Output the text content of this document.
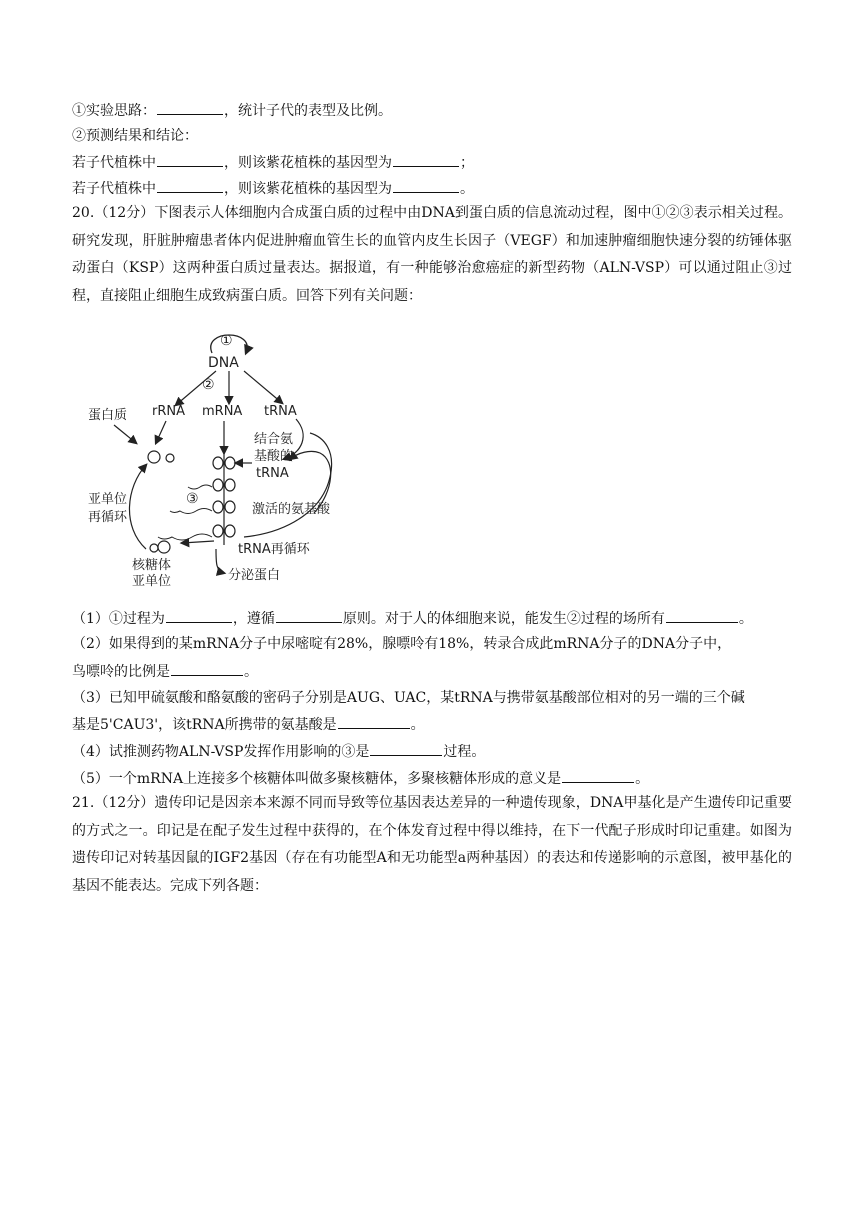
①实验思路：	，统计子代的表型及比例。
②预测结果和结论：
若子代植株中	，则该紫花植株的基因型为	；
若子代植株中	，则该紫花植株的基因型为	。
20.（12分）下图表示人体细胞内合成蛋白质的过程中由DNA到蛋白质的信息流动过程，图中①②③表示相关过程。研究发现，肝脏肿瘤患者体内促进肿瘤血管生长的血管内皮生长因子（VEGF）和加速肿瘤细胞快速分裂的纺锤体驱动蛋白（KSP）这两种蛋白质过量表达。据报道，有一种能够治愈癌症的新型药物（ALN-VSP）可以通过阻止③过程，直接阻止细胞生成致病蛋白质。回答下列有关问题：
①
DNA
②
蛋白质 rRNA mRNA tRNA
结合氨
基酸的
tRNA
③
激活的氨基酸
tRNA再循环
亚单位
再循环
核糖体
亚单位	分泌蛋白
（1）①过程为	，遵循	原则。对于人的体细胞来说，能发生②过程的场所有	。
（2）如果得到的某mRNA分子中尿嘧啶有28%，腺嘌呤有18%，转录合成此mRNA分子的DNA分子中，
鸟嘌呤的比例是	。
（3）已知甲硫氨酸和酪氨酸的密码子分别是AUG、UAC，某tRNA与携带氨基酸部位相对的另一端的三个碱
基是5'CAU3'，该tRNA所携带的氨基酸是	。
（4）试推测药物ALN-VSP发挥作用影响的③是	过程。
（5）一个mRNA上连接多个核糖体叫做多聚核糖体，多聚核糖体形成的意义是	。
21.（12分）遗传印记是因亲本来源不同而导致等位基因表达差异的一种遗传现象，DNA甲基化是产生遗传印记重要的方式之一。印记是在配子发生过程中获得的，在个体发育过程中得以维持，在下一代配子形成时印记重建。如图为遗传印记对转基因鼠的IGF2基因（存在有功能型A和无功能型a两种基因）的表达和传递影响的示意图，被甲基化的基因不能表达。完成下列各题：
